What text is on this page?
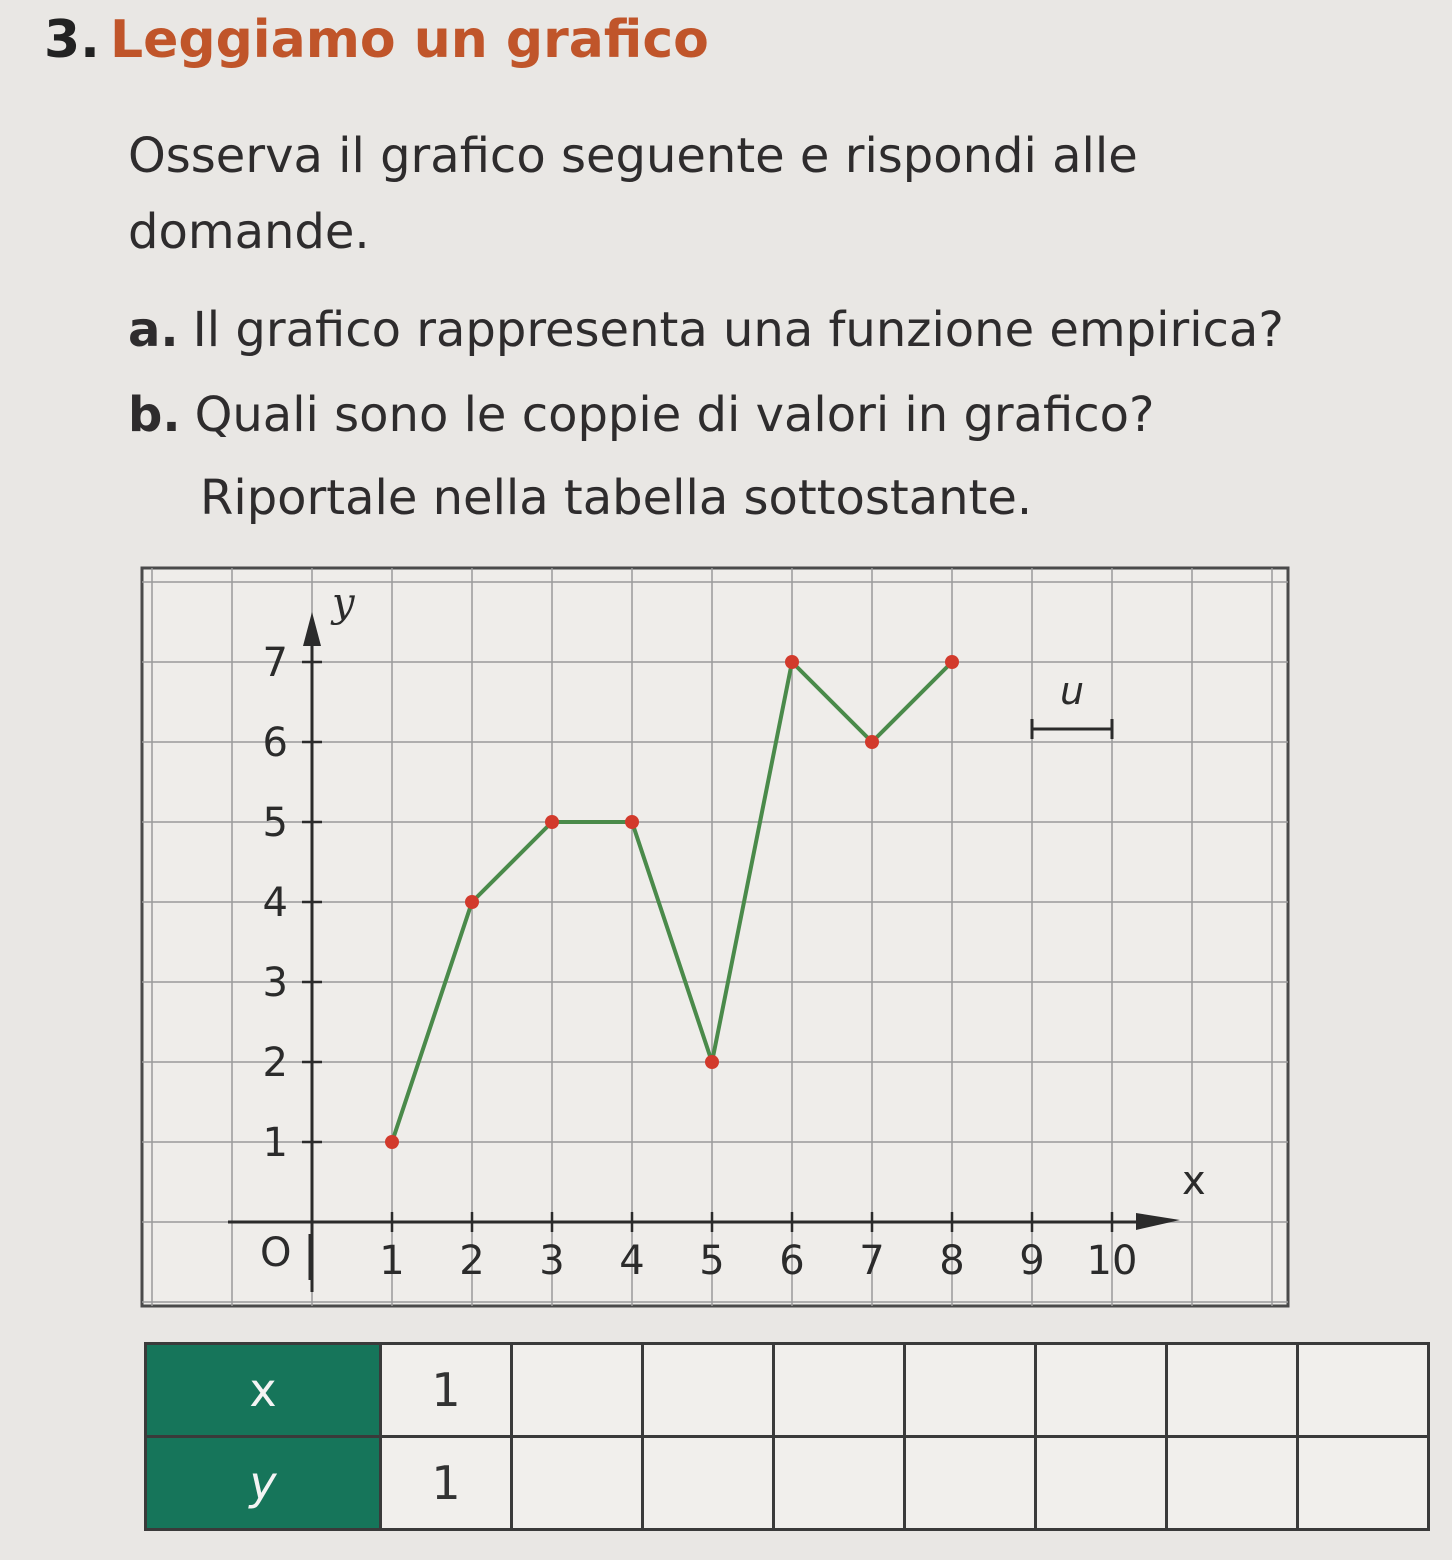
3. Leggiamo un grafico

Osserva il grafico seguente e rispondi alle domande.

a. Il grafico rappresenta una funzione empirica?

b. Quali sono le coppie di valori in grafico?

Riportale nella tabella sottostante.

1 2 3 4 5 6 7 8 9 10
1
2
3
4
5
6
7
x
y
O
u
x	1							
y	1							
